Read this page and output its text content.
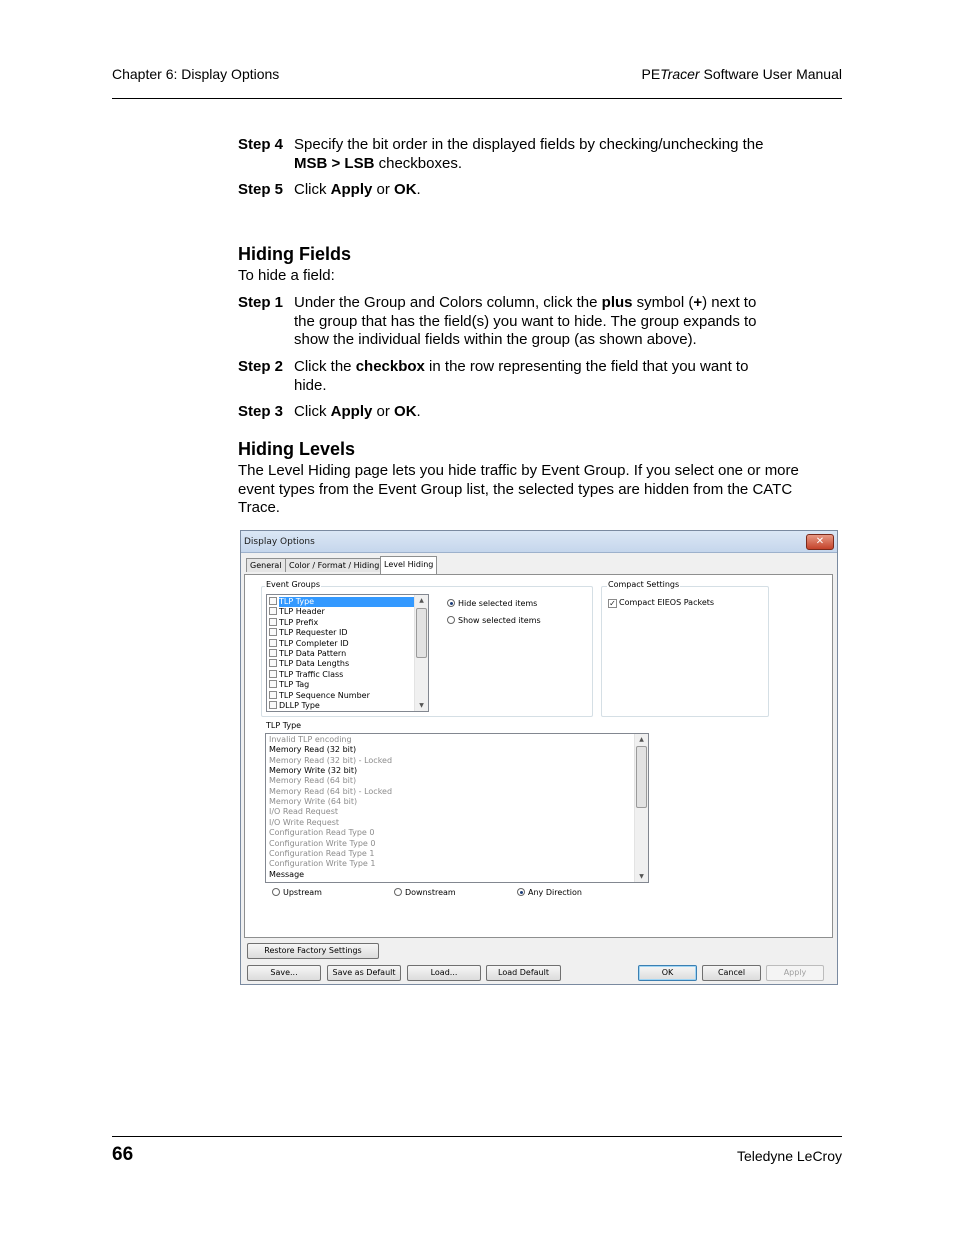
Chapter 6: Display Options	PETracer Software User Manual
Step 4 Specify the bit order in the displayed fields by checking/unchecking the MSB > LSB checkboxes.
Step 5 Click Apply or OK.
Hiding Fields
To hide a field:
Step 1 Under the Group and Colors column, click the plus symbol (+) next to the group that has the field(s) you want to hide. The group expands to show the individual fields within the group (as shown above).
Step 2 Click the checkbox in the row representing the field that you want to hide.
Step 3 Click Apply or OK.
Hiding Levels
The Level Hiding page lets you hide traffic by Event Group. If you select one or more event types from the Event Group list, the selected types are hidden from the CATC Trace.
Display Options	✕
General Color / Format / Hiding Level Hiding
Event Groups
TLP Type
TLP Header
TLP Prefix
TLP Requester ID
TLP Completer ID
TLP Data Pattern
TLP Data Lengths
TLP Traffic Class
TLP Tag
TLP Sequence Number
DLLP Type
▲
▼
Hide selected items
Show selected items
Compact Settings
✓ Compact EIEOS Packets
TLP Type
Invalid TLP encoding
Memory Read (32 bit)
Memory Read (32 bit) - Locked
Memory Write (32 bit)
Memory Read (64 bit)
Memory Read (64 bit) - Locked
Memory Write (64 bit)
I/O Read Request
I/O Write Request
Configuration Read Type 0
Configuration Write Type 0
Configuration Read Type 1
Configuration Write Type 1
Message
▲
▼
Upstream	Downstream	Any Direction
Restore Factory Settings
Save...	Save as Default	Load...	Load Default	OK	Cancel	Apply
66	Teledyne LeCroy
